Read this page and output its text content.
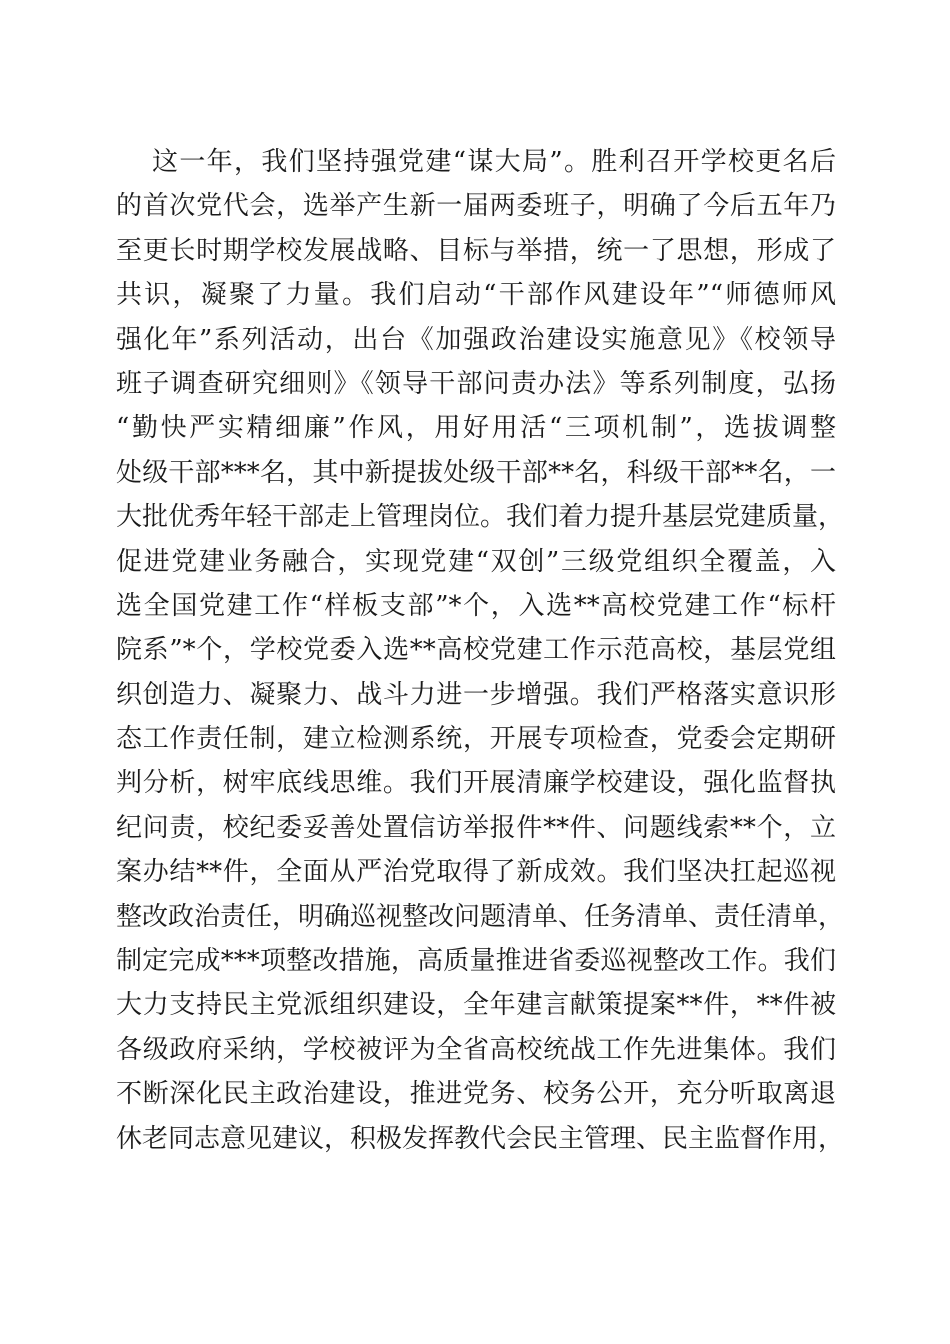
这一年，我们坚持强党建“谋大局”。胜利召开学校更名后
的首次党代会，选举产生新一届两委班子，明确了今后五年乃
至更长时期学校发展战略、目标与举措，统一了思想，形成了
共识，凝聚了力量。我们启动“干部作风建设年”“师德师风
强化年”系列活动，出台《加强政治建设实施意见》《校领导
班子调查研究细则》《领导干部问责办法》等系列制度，弘扬
“勤快严实精细廉”作风，用好用活“三项机制”，选拔调整
处级干部***名，其中新提拔处级干部**名，科级干部**名，一
大批优秀年轻干部走上管理岗位。我们着力提升基层党建质量，
促进党建业务融合，实现党建“双创”三级党组织全覆盖，入
选全国党建工作“样板支部”*个，入选**高校党建工作“标杆
院系”*个，学校党委入选**高校党建工作示范高校，基层党组
织创造力、凝聚力、战斗力进一步增强。我们严格落实意识形
态工作责任制，建立检测系统，开展专项检查，党委会定期研
判分析，树牢底线思维。我们开展清廉学校建设，强化监督执
纪问责，校纪委妥善处置信访举报件**件、问题线索**个，立
案办结**件，全面从严治党取得了新成效。我们坚决扛起巡视
整改政治责任，明确巡视整改问题清单、任务清单、责任清单，
制定完成***项整改措施，高质量推进省委巡视整改工作。我们
大力支持民主党派组织建设，全年建言献策提案**件，**件被
各级政府采纳，学校被评为全省高校统战工作先进集体。我们
不断深化民主政治建设，推进党务、校务公开，充分听取离退
休老同志意见建议，积极发挥教代会民主管理、民主监督作用，
